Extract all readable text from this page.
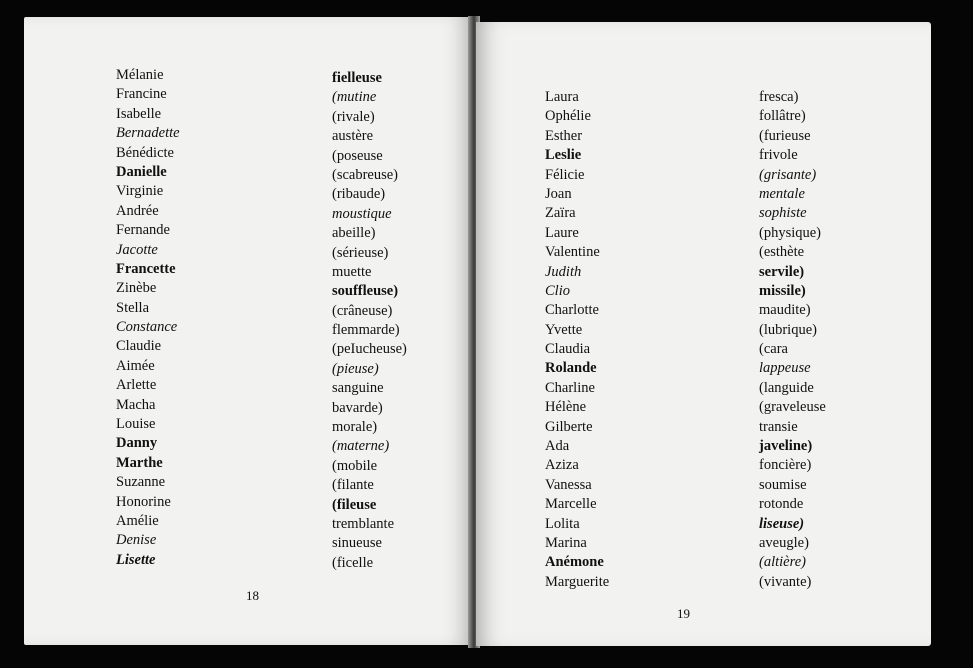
Mélanie
Francine
Isabelle
Bernadette
Bénédicte
Danielle
Virginie
Andrée
Fernande
Jacotte
Francette
Zinèbe
Stella
Constance
Claudie
Aimée
Arlette
Macha
Louise
Danny
Marthe
Suzanne
Honorine
Amélie
Denise
Lisette
fielleuse
(mutine
(rivale)
austère
(poseuse
(scabreuse)
(ribaude)
moustique
abeille)
(sérieuse)
muette
souffleuse)
(crâneuse)
flemmarde)
(peIucheuse)
(pieuse)
sanguine
bavarde)
morale)
(materne)
(mobile
(filante
(fileuse
tremblante
sinueuse
(ficelle
18
Laura
Ophélie
Esther
Leslie
Félicie
Joan
Zaïra
Laure
Valentine
Judith
Clio
Charlotte
Yvette
Claudia
Rolande
Charline
Hélène
Gilberte
Ada
Aziza
Vanessa
Marcelle
Lolita
Marina
Anémone
Marguerite
fresca)
follâtre)
(furieuse
frivole
(grisante)
mentale
sophiste
(physique)
(esthète
servile)
missile)
maudite)
(lubrique)
(cara
lappeuse
(languide
(graveleuse
transie
javeline)
foncière)
soumise
rotonde
liseuse)
aveugle)
(altière)
(vivante)
19
